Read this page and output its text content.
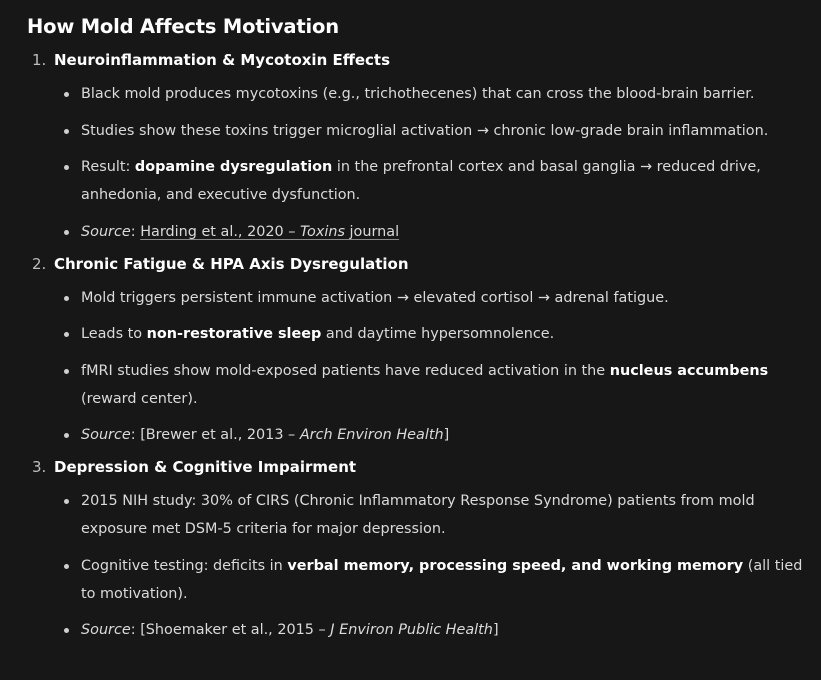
How Mold Affects Motivation
1. Neuroinflammation & Mycotoxin Effects
Black mold produces mycotoxins (e.g., trichothecenes) that can cross the blood-brain barrier.
Studies show these toxins trigger microglial activation → chronic low-grade brain inflammation.
Result: dopamine dysregulation in the prefrontal cortex and basal ganglia → reduced drive, anhedonia, and executive dysfunction.
Source: Harding et al., 2020 – Toxins journal
2. Chronic Fatigue & HPA Axis Dysregulation
Mold triggers persistent immune activation → elevated cortisol → adrenal fatigue.
Leads to non-restorative sleep and daytime hypersomnolence.
fMRI studies show mold-exposed patients have reduced activation in the nucleus accumbens (reward center).
Source: [Brewer et al., 2013 – Arch Environ Health]
3. Depression & Cognitive Impairment
2015 NIH study: 30% of CIRS (Chronic Inflammatory Response Syndrome) patients from mold exposure met DSM-5 criteria for major depression.
Cognitive testing: deficits in verbal memory, processing speed, and working memory (all tied to motivation).
Source: [Shoemaker et al., 2015 – J Environ Public Health]
